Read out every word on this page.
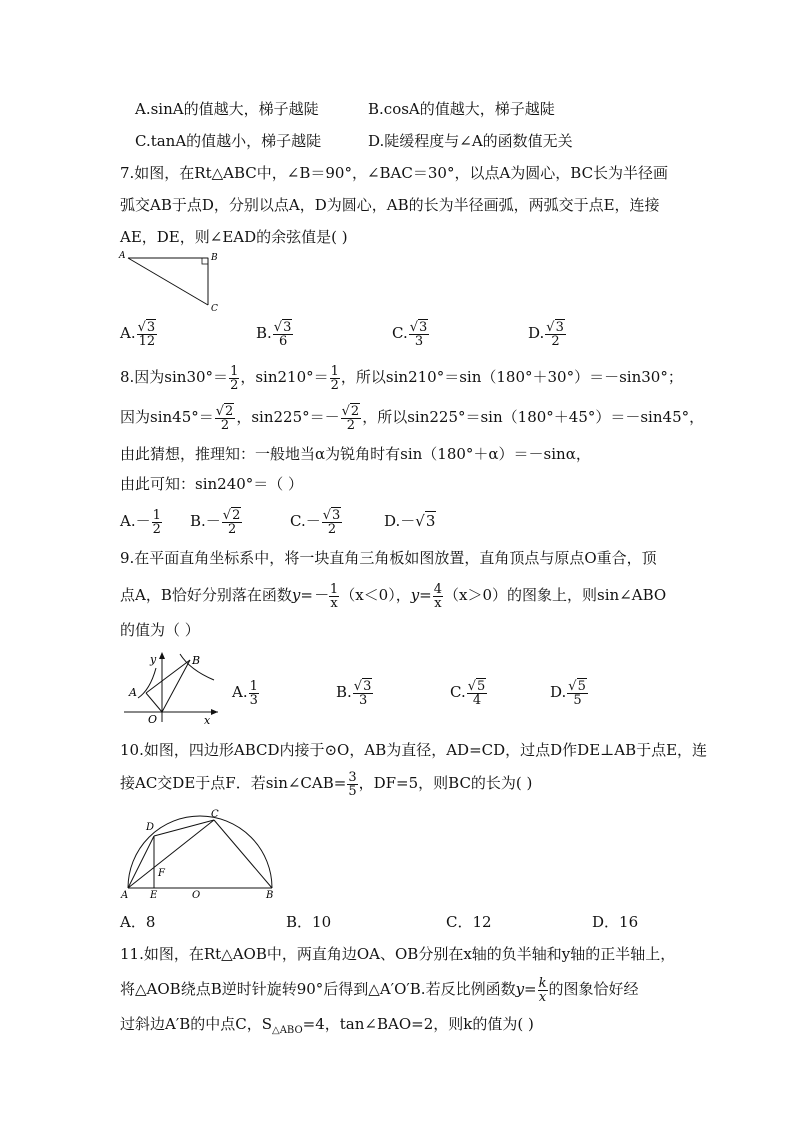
A.sinA的值越大，梯子越陡	B.cosA的值越大，梯子越陡
C.tanA的值越小，梯子越陡	D.陡缓程度与∠A的函数值无关
7.如图，在Rt△ABC中，∠B＝90°，∠BAC＝30°，以点A为圆心，BC长为半径画
弧交AB于点D，分别以点A，D为圆心，AB的长为半径画弧，两弧交于点E，连接
AE，DE，则∠EAD的余弦值是( )
A	B
C
A. $\frac{√3}{12}$	B. $\frac{√3}{6}$	C. $\frac{√3}{3}$	D. $\frac{√3}{2}$
8.因为$\sin 30^\circ= \frac{1}{2}$ ，$\sin 210^\circ= \frac{1}{2}$ ，所以sin210°＝sin（180°＋30°）＝－sin30°；
因为$\sin 45^\circ= \frac{√2}{2}$ ，$\sin 225^\circ=- \frac{√2}{2}$ ，所以sin225°＝sin（180°＋45°）＝－sin45°，
由此猜想，推理知：一般地当α为锐角时有sin（180°＋α）＝－sinα，
由此可知：sin240°＝（ ）
$A.- \frac{1}{2} B.- \frac{√2}{2}$	$C.- \frac{√3}{2}$	D.－√3
9.在平面直角坐标系中，将一块直角三角板如图放置，直角顶点与原点O重合，顶
点A，B恰好分别落在函数$y=- \frac{1}{x} (x<0)$，$y= \frac{4}{x} (x>0)$的图象上，则sin∠ABO
的值为（ ）
y	B
A
O	x
A. $\frac{1}{3}$	B. $\frac{√3}{3}$	C. $\frac{√5}{4}$	D. $\frac{√5}{5}$
10.如图，四边形ABCD内接于⊙O，AB为直径，AD=CD，过点D作DE⊥AB于点E，连
接AC交DE于点F．若sin∠CAB= $\frac{3}{5}$ ，DF=5，则BC的长为( )
D
C
F
A E	O	B
A．8	B．10	C．12	D．16
11.如图，在Rt△AOB中，两直角边OA、OB分别在x轴的负半轴和y轴的正半轴上，
将△AOB绕点B逆时针旋转90°后得到△A′O′B.若反比例函数$y= \frac{k}{x}$ 的图象恰好经
过斜边A′B的中点C，$S_{\triangle ABO}=4$，tan∠BAO=2，则k的值为( )
